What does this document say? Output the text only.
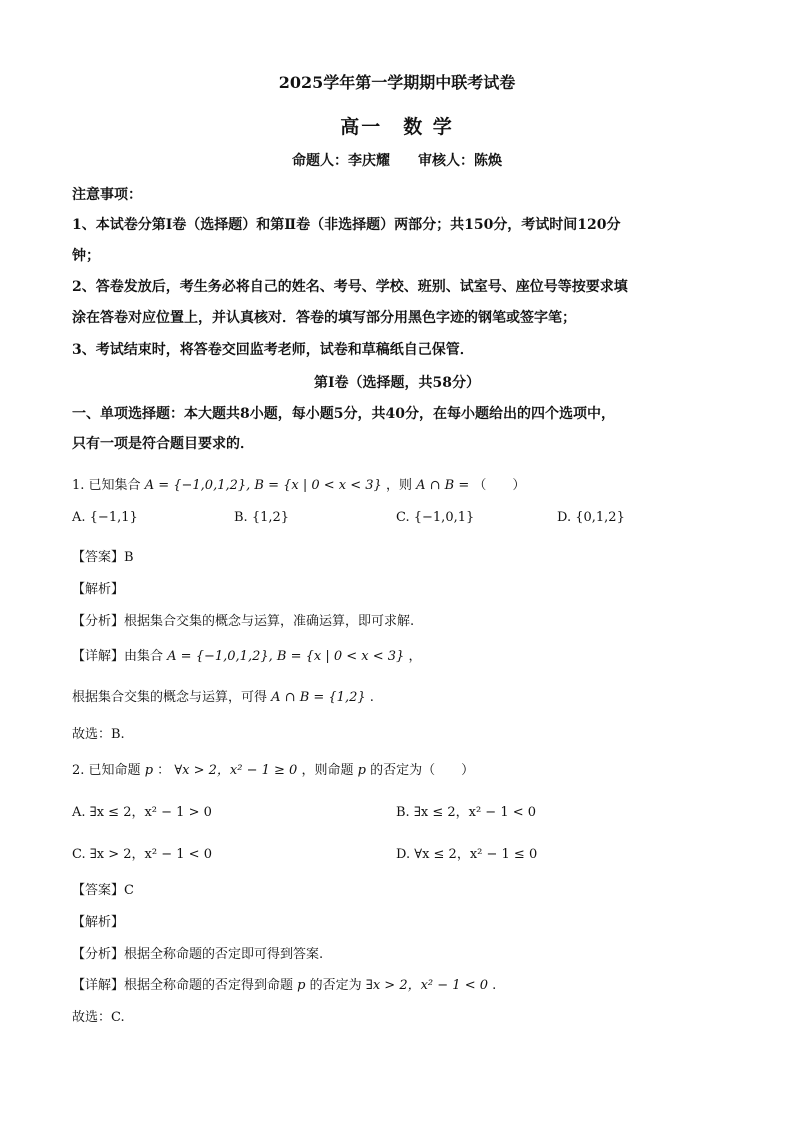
2025学年第一学期期中联考试卷
高一　数 学
命题人：李庆耀　　审核人：陈焕
注意事项：
1、本试卷分第Ⅰ卷（选择题）和第Ⅱ卷（非选择题）两部分；共150分，考试时间120分
钟；
2、答卷发放后，考生务必将自己的姓名、考号、学校、班别、试室号、座位号等按要求填
涂在答卷对应位置上，并认真核对．答卷的填写部分用黑色字迹的钢笔或签字笔；
3、考试结束时，将答卷交回监考老师，试卷和草稿纸自己保管．
第Ⅰ卷（选择题，共58分）
一、单项选择题：本大题共8小题，每小题5分，共40分，在每小题给出的四个选项中，
只有一项是符合题目要求的．
1. 已知集合 A = {−1,0,1,2}, B = {x | 0 < x < 3} ，则 A ∩ B = （　　）
A. {−1,1}	B. {1,2}	C. {−1,0,1}	D. {0,1,2}
【答案】B
【解析】
【分析】根据集合交集的概念与运算，准确运算，即可求解.
【详解】由集合 A = {−1,0,1,2}, B = {x | 0 < x < 3} ，
根据集合交集的概念与运算，可得 A ∩ B = {1,2} .
故选：B.
2. 已知命题 p ： ∀x > 2，x² − 1 ≥ 0 ，则命题 p 的否定为（　　）
A. ∃x ≤ 2，x² − 1 > 0	B. ∃x ≤ 2，x² − 1 < 0
C. ∃x > 2，x² − 1 < 0	D. ∀x ≤ 2，x² − 1 ≤ 0
【答案】C
【解析】
【分析】根据全称命题的否定即可得到答案.
【详解】根据全称命题的否定得到命题 p 的否定为 ∃x > 2，x² − 1 < 0 .
故选：C.
